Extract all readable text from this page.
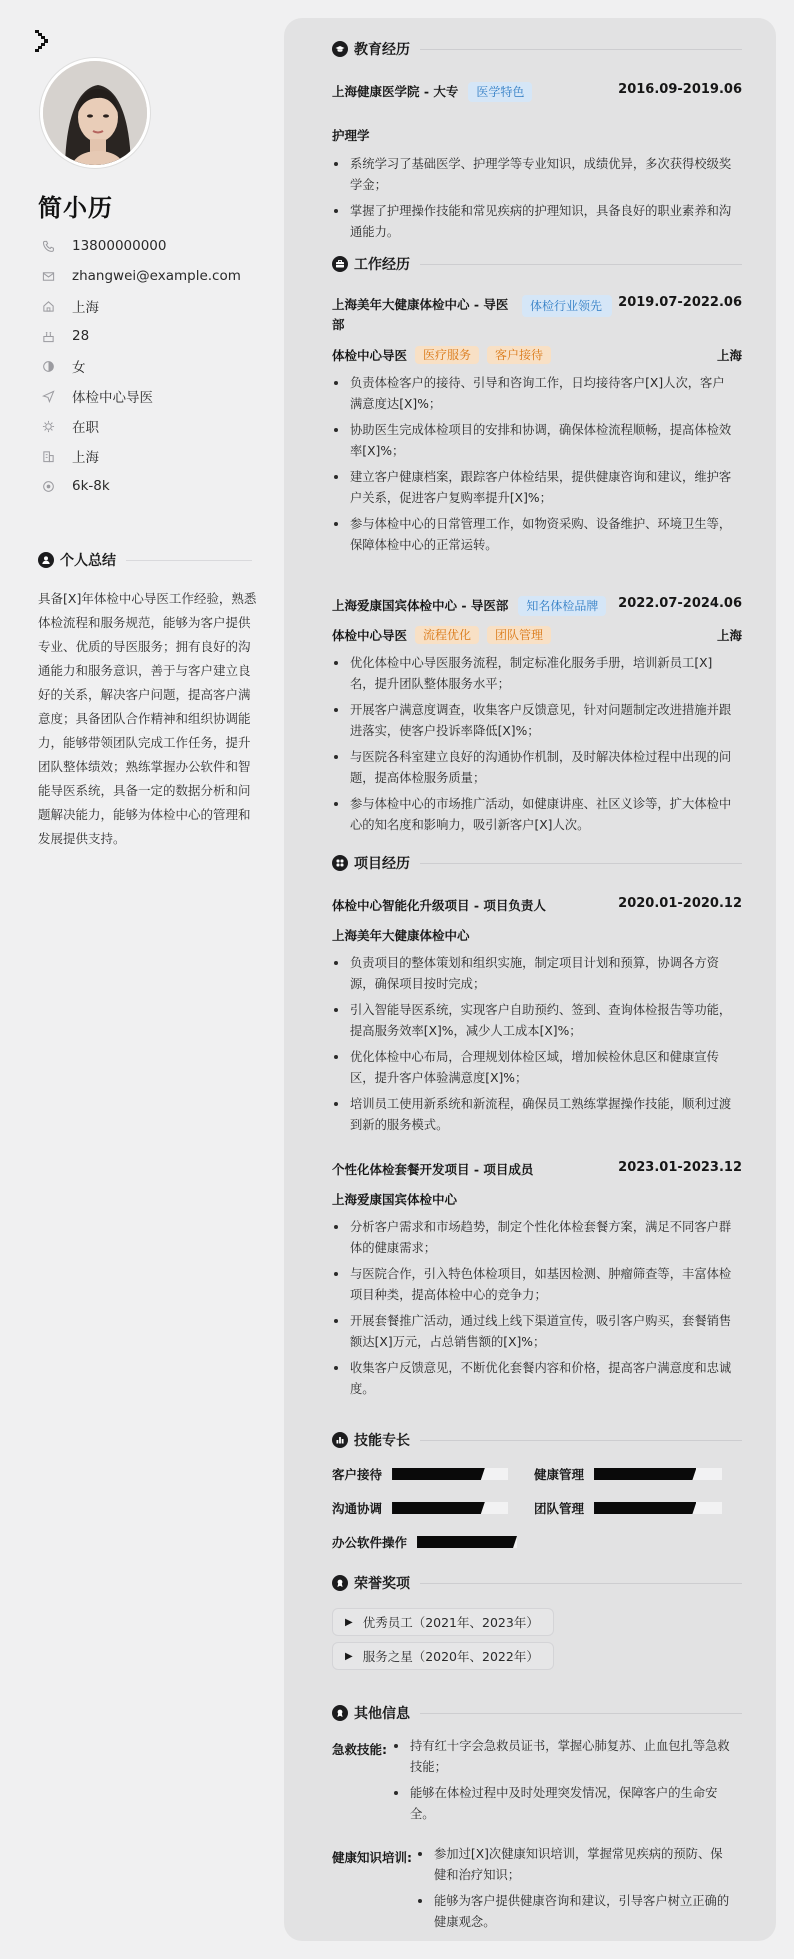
简小历
13800000000
zhangwei@example.com
上海
28
女
体检中心导医
在职
上海
6k-8k
个人总结
具备[X]年体检中心导医工作经验，熟悉体检流程和服务规范，能够为客户提供专业、优质的导医服务；拥有良好的沟通能力和服务意识，善于与客户建立良好的关系，解决客户问题，提高客户满意度；具备团队合作精神和组织协调能力，能够带领团队完成工作任务，提升团队整体绩效；熟练掌握办公软件和智能导医系统，具备一定的数据分析和问题解决能力，能够为体检中心的管理和发展提供支持。
教育经历
上海健康医学院 - 大专	医学特色	2016.09-2019.06
护理学
系统学习了基础医学、护理学等专业知识，成绩优异，多次获得校级奖学金；
掌握了护理操作技能和常见疾病的护理知识，具备良好的职业素养和沟通能力。
工作经历
上海美年大健康体检中心 - 导医部
体检行业领先	2019.07-2022.06
体检中心导医	医疗服务	客户接待	上海
负责体检客户的接待、引导和咨询工作，日均接待客户[X]人次，客户满意度达[X]%；
协助医生完成体检项目的安排和协调，确保体检流程顺畅，提高体检效率[X]%；
建立客户健康档案，跟踪客户体检结果，提供健康咨询和建议，维护客户关系，促进客户复购率提升[X]%；
参与体检中心的日常管理工作，如物资采购、设备维护、环境卫生等，保障体检中心的正常运转。
上海爱康国宾体检中心 - 导医部	知名体检品牌	2022.07-2024.06
体检中心导医	流程优化	团队管理	上海
优化体检中心导医服务流程，制定标准化服务手册，培训新员工[X]名，提升团队整体服务水平；
开展客户满意度调查，收集客户反馈意见，针对问题制定改进措施并跟进落实，使客户投诉率降低[X]%；
与医院各科室建立良好的沟通协作机制，及时解决体检过程中出现的问题，提高体检服务质量；
参与体检中心的市场推广活动，如健康讲座、社区义诊等，扩大体检中心的知名度和影响力，吸引新客户[X]人次。
项目经历
体检中心智能化升级项目 - 项目负责人	2020.01-2020.12
上海美年大健康体检中心
负责项目的整体策划和组织实施，制定项目计划和预算，协调各方资源，确保项目按时完成；
引入智能导医系统，实现客户自助预约、签到、查询体检报告等功能，提高服务效率[X]%，减少人工成本[X]%；
优化体检中心布局，合理规划体检区域，增加候检休息区和健康宣传区，提升客户体验满意度[X]%；
培训员工使用新系统和新流程，确保员工熟练掌握操作技能，顺利过渡到新的服务模式。
个性化体检套餐开发项目 - 项目成员	2023.01-2023.12
上海爱康国宾体检中心
分析客户需求和市场趋势，制定个性化体检套餐方案，满足不同客户群体的健康需求；
与医院合作，引入特色体检项目，如基因检测、肿瘤筛查等，丰富体检项目种类，提高体检中心的竞争力；
开展套餐推广活动，通过线上线下渠道宣传，吸引客户购买，套餐销售额达[X]万元，占总销售额的[X]%；
收集客户反馈意见，不断优化套餐内容和价格，提高客户满意度和忠诚度。
技能专长
客户接待	健康管理
沟通协调	团队管理
办公软件操作
荣誉奖项
▶ 优秀员工（2021年、2023年）
▶ 服务之星（2020年、2022年）
其他信息
急救技能:	持有红十字会急救员证书，掌握心肺复苏、止血包扎等急救技能；
能够在体检过程中及时处理突发情况，保障客户的生命安全。
健康知识培训:	参加过[X]次健康知识培训，掌握常见疾病的预防、保健和治疗知识；
能够为客户提供健康咨询和建议，引导客户树立正确的健康观念。
